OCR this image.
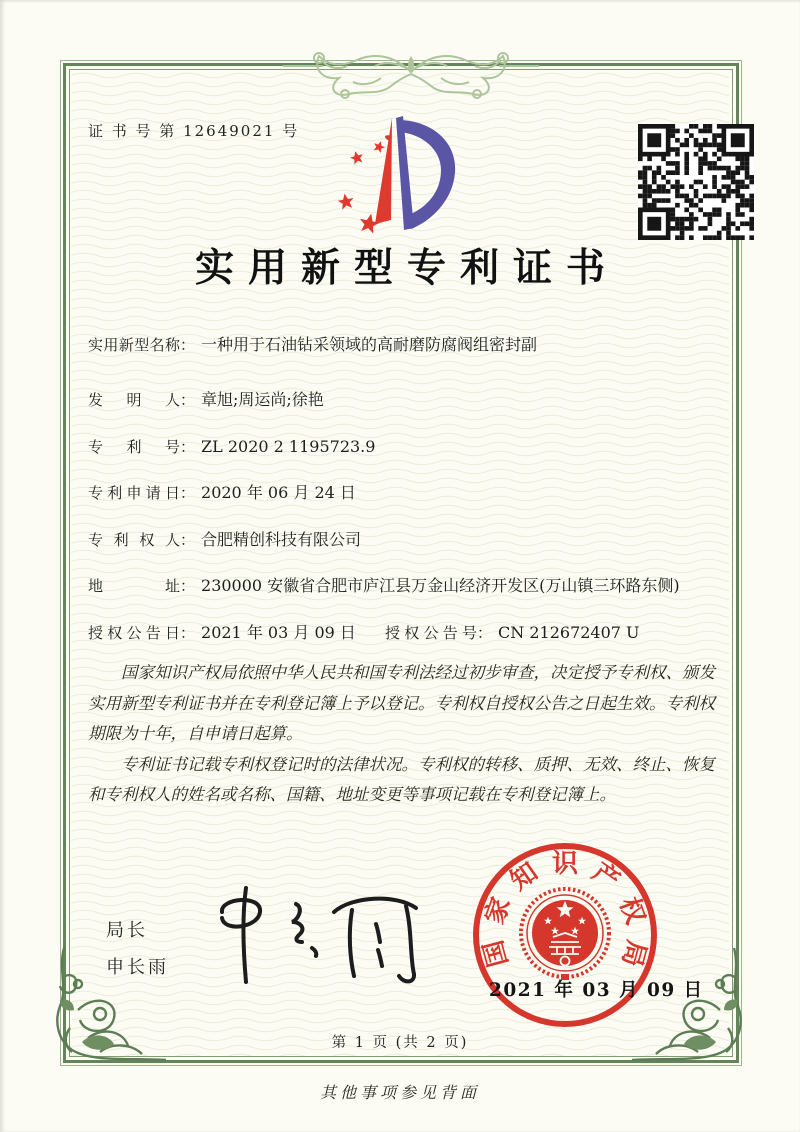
证 书 号 第 12649021 号
实用新型专利证书
实用新型名称 ： 一种用于石油钻采领域的高耐磨防腐阀组密封副
发明人 ： 章旭;周运尚;徐艳
专利号 ： ZL 2020 2 1195723.9
专利申请日 ： 2020 年 06 月 24 日
专利权人 ： 合肥精创科技有限公司
地址 ： 230000 安徽省合肥市庐江县万金山经济开发区(万山镇三环路东侧)
授权公告日 ： 2021 年 03 月 09 日 授权公告号 ： CN 212672407 U

国家知识产权局依照中华人民共和国专利法经过初步审查，决定授予专利权、颁发实用新型专利证书并在专利登记簿上予以登记。专利权自授权公告之日起生效。专利权期限为十年，自申请日起算。

专利证书记载专利权登记时的法律状况。专利权的转移、质押、无效、终止、恢复和专利权人的姓名或名称、国籍、地址变更等事项记载在专利登记簿上。

局长
申长雨	国
家
知 识 产
权
局
2021 年 03 月 09 日
第 1 页 (共 2 页)
其他事项参见背面
